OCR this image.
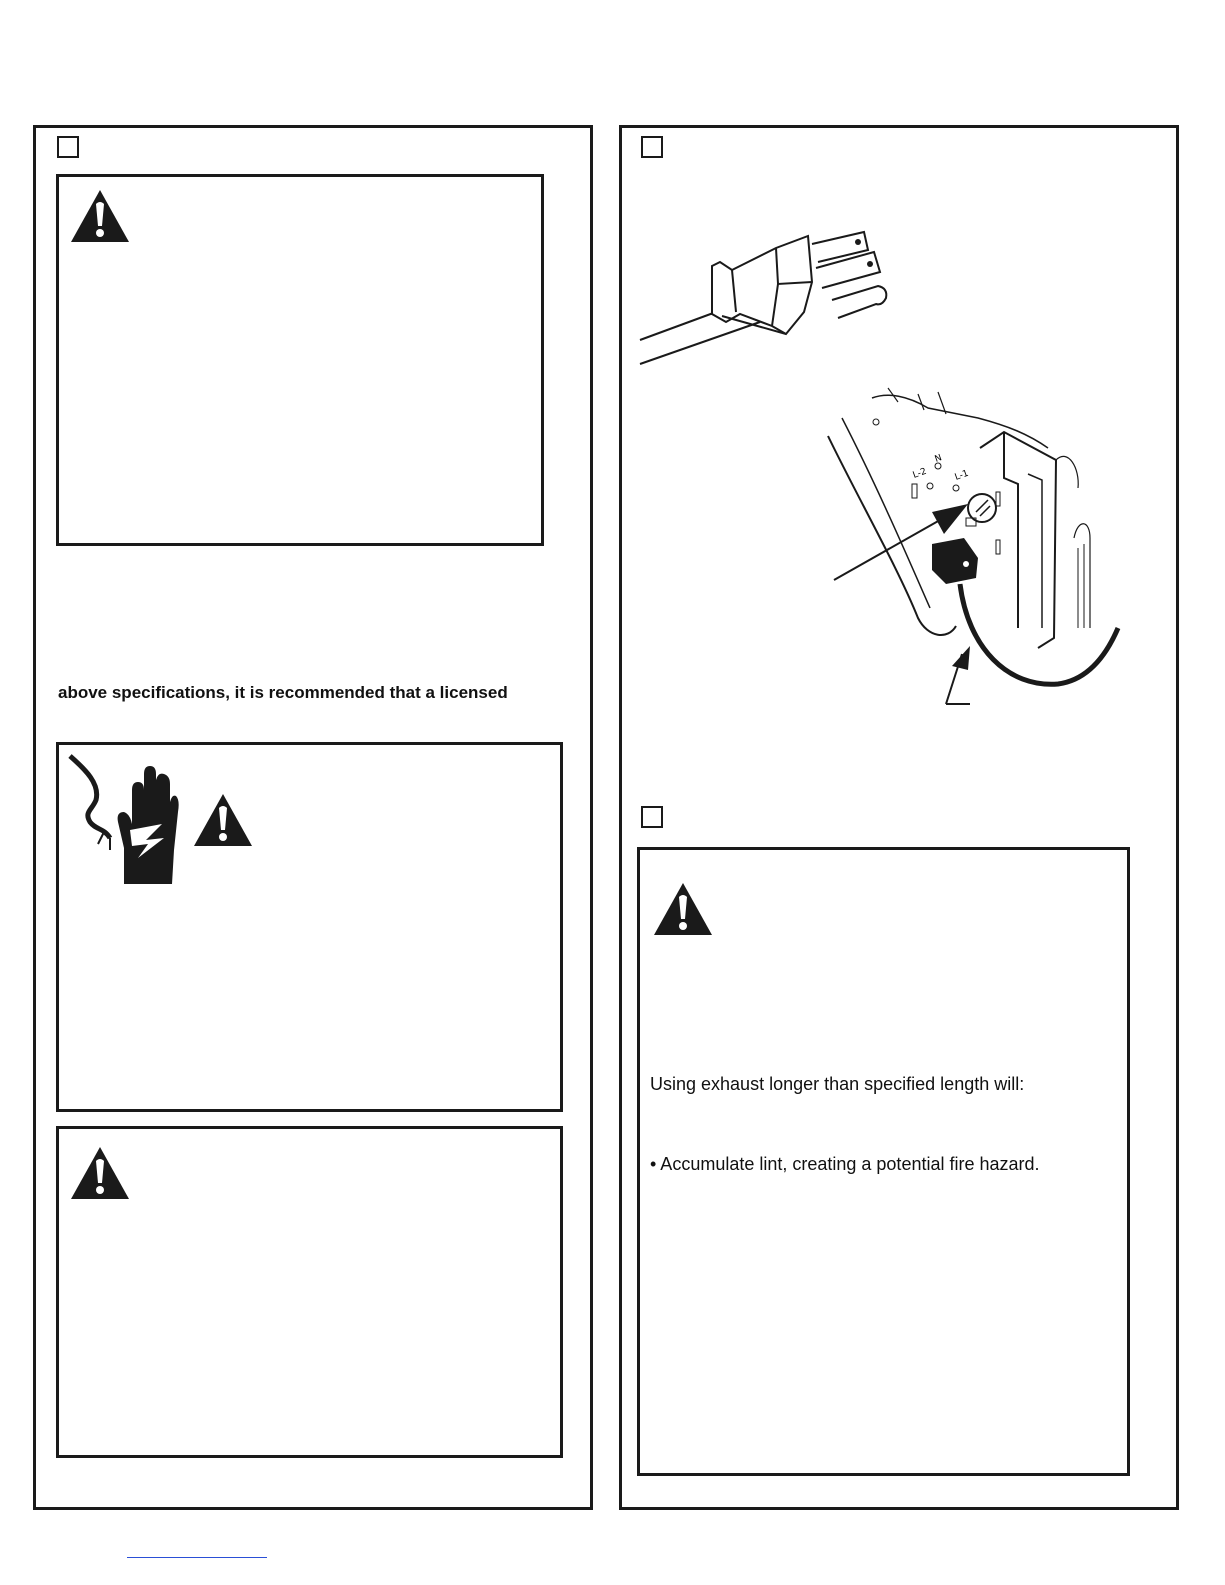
above specifications, it is recommended that a licensed
L-2
N
L-1
Using exhaust longer than specified length will:
• Accumulate lint, creating a potential fire hazard.
